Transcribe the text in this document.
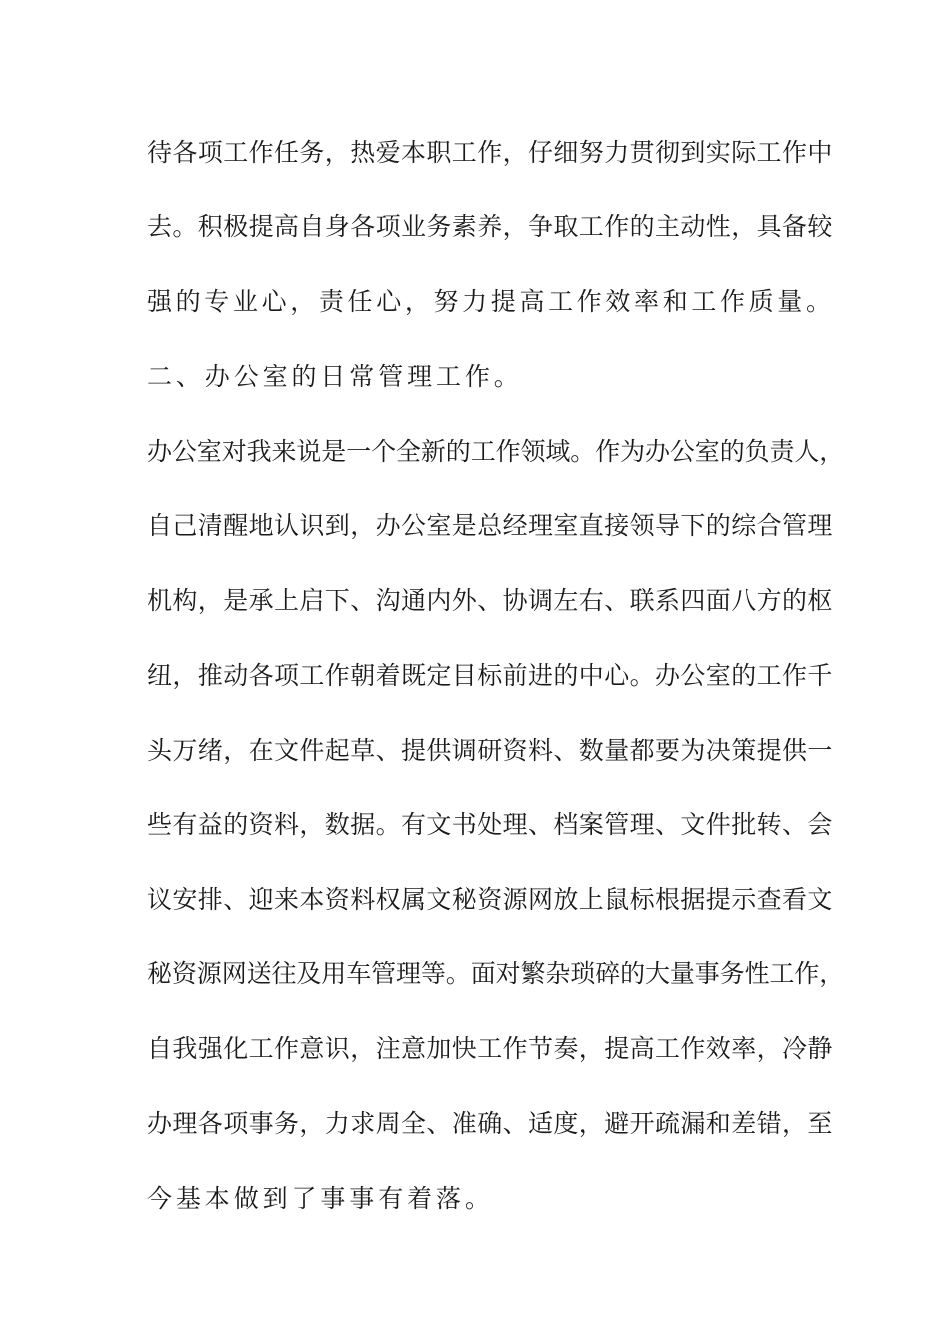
待各项工作任务，热爱本职工作，仔细努力贯彻到实际工作中
去。积极提高自身各项业务素养，争取工作的主动性，具备较
强的专业心，责任心，努力提高工作效率和工作质量。
二、办公室的日常管理工作。
办公室对我来说是一个全新的工作领域。作为办公室的负责人，
自己清醒地认识到，办公室是总经理室直接领导下的综合管理
机构，是承上启下、沟通内外、协调左右、联系四面八方的枢
纽，推动各项工作朝着既定目标前进的中心。办公室的工作千
头万绪，在文件起草、提供调研资料、数量都要为决策提供一
些有益的资料，数据。有文书处理、档案管理、文件批转、会
议安排、迎来本资料权属文秘资源网放上鼠标根据提示查看文
秘资源网送往及用车管理等。面对繁杂琐碎的大量事务性工作，
自我强化工作意识，注意加快工作节奏，提高工作效率，冷静
办理各项事务，力求周全、准确、适度，避开疏漏和差错，至
今基本做到了事事有着落。
